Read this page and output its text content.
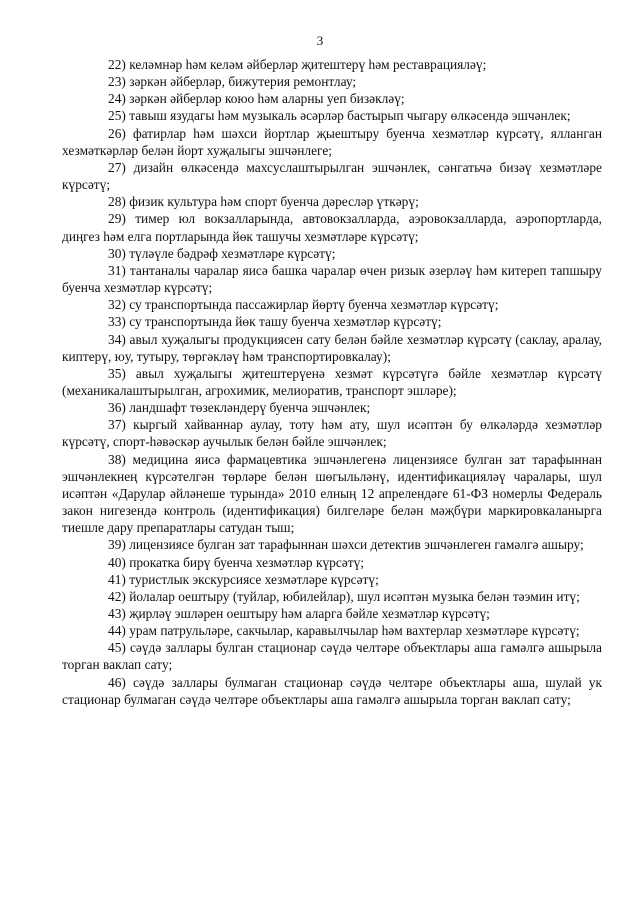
3

22) келәмнәр һәм келәм әйберләр җитештерү һәм реставрацияләү;

23) зәркән әйберләр, бижутерия ремонтлау;

24) зәркән әйберләр коюо һәм аларны уеп бизәкләү;

25) тавыш язудагы һәм музыкаль әсәрләр бастырып чыгару өлкәсендә эшчәнлек;

26) фатирлар һәм шәхси йортлар җыештыру буенча хезмәтләр күрсәтү, ялланган хезмәткәрләр белән йорт хуҗалыгы эшчәнлеге;

27) дизайн өлкәсендә махсуслаштырылган эшчәнлек, сәнгатьчә бизәү хезмәтләре күрсәтү;

28) физик культура һәм спорт буенча дәресләр үткәрү;

29) тимер юл вокзалларында, автовокзалларда, аэровокзалларда, аэропортларда, диңгез һәм елга портларында йөк ташучы хезмәтләре күрсәтү;

30) түләүле бәдрәф хезмәтләре күрсәтү;

31) тантаналы чаралар яисә башка чаралар өчен ризык әзерләү һәм китереп тапшыру буенча хезмәтләр күрсәтү;

32) су транспортында пассажирлар йөртү буенча хезмәтләр күрсәтү;

33) су транспортында йөк ташу буенча хезмәтләр күрсәтү;

34) авыл хуҗалыгы продукциясен сату белән бәйле хезмәтләр күрсәтү (саклау, аралау, киптерү, юу, тутыру, төргәкләү һәм транспортировкалау);

35) авыл хуҗалыгы җитештерүенә хезмәт күрсәтүгә бәйле хезмәтләр күрсәтү (механикалаштырылган, агрохимик, мелиоратив, транспорт эшләре);

36) ландшафт төзекләндерү буенча эшчәнлек;

37) кыргый хайваннар аулау, тоту һәм ату, шул исәптән бу өлкәләрдә хезмәтләр күрсәтү, спорт-һәвәскәр аучылык белән бәйле эшчәнлек;

38) медицина яисә фармацевтика эшчәнлегенә лицензиясе булган зат тарафыннан эшчәнлекнең күрсәтелгән төрләре белән шөгыльләнү, идентификацияләү чаралары, шул исәптән «Дарулар әйләнеше турында» 2010 елның 12 апрелендәге 61-ФЗ номерлы Федераль закон нигезендә контроль (идентификация) билгеләре белән мәҗбүри маркировкаланырга тиешле дару препаратлары сатудан тыш;

39) лицензиясе булган зат тарафыннан шәхси детектив эшчәнлеген гамәлгә ашыру;

40) прокатка бирү буенча хезмәтләр күрсәтү;

41) туристлык экскурсиясе хезмәтләре күрсәтү;

42) йолалар оештыру (туйлар, юбилейлар), шул исәптән музыка белән тәэмин итү;

43) җирләү эшләрен оештыру һәм аларга бәйле хезмәтләр күрсәтү;

44) урам патрульләре, сакчылар, каравылчылар һәм вахтерлар хезмәтләре күрсәтү;

45) сәүдә заллары булган стационар сәүдә челтәре объектлары аша гамәлгә ашырыла торган ваклап сату;

46) сәүдә заллары булмаган стационар сәүдә челтәре объектлары аша, шулай ук стационар булмаган сәүдә челтәре объектлары аша гамәлгә ашырыла торган ваклап сату;
